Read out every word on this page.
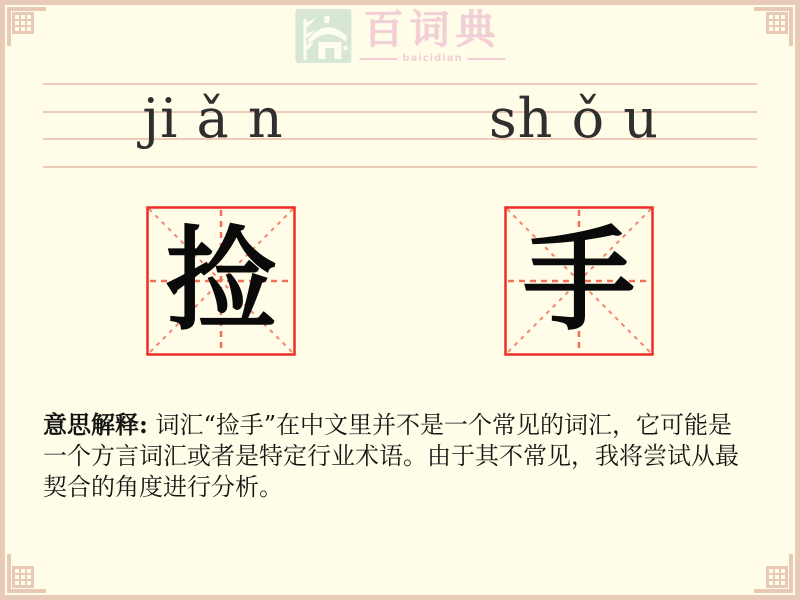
百词典
baicidian
ji ǎ n	sh ǒ u
捡 手
意思解释: 词汇“捡手”在中文里并不是一个常见的词汇，它可能是
一个方言词汇或者是特定行业术语。由于其不常见，我将尝试从最
契合的角度进行分析。
